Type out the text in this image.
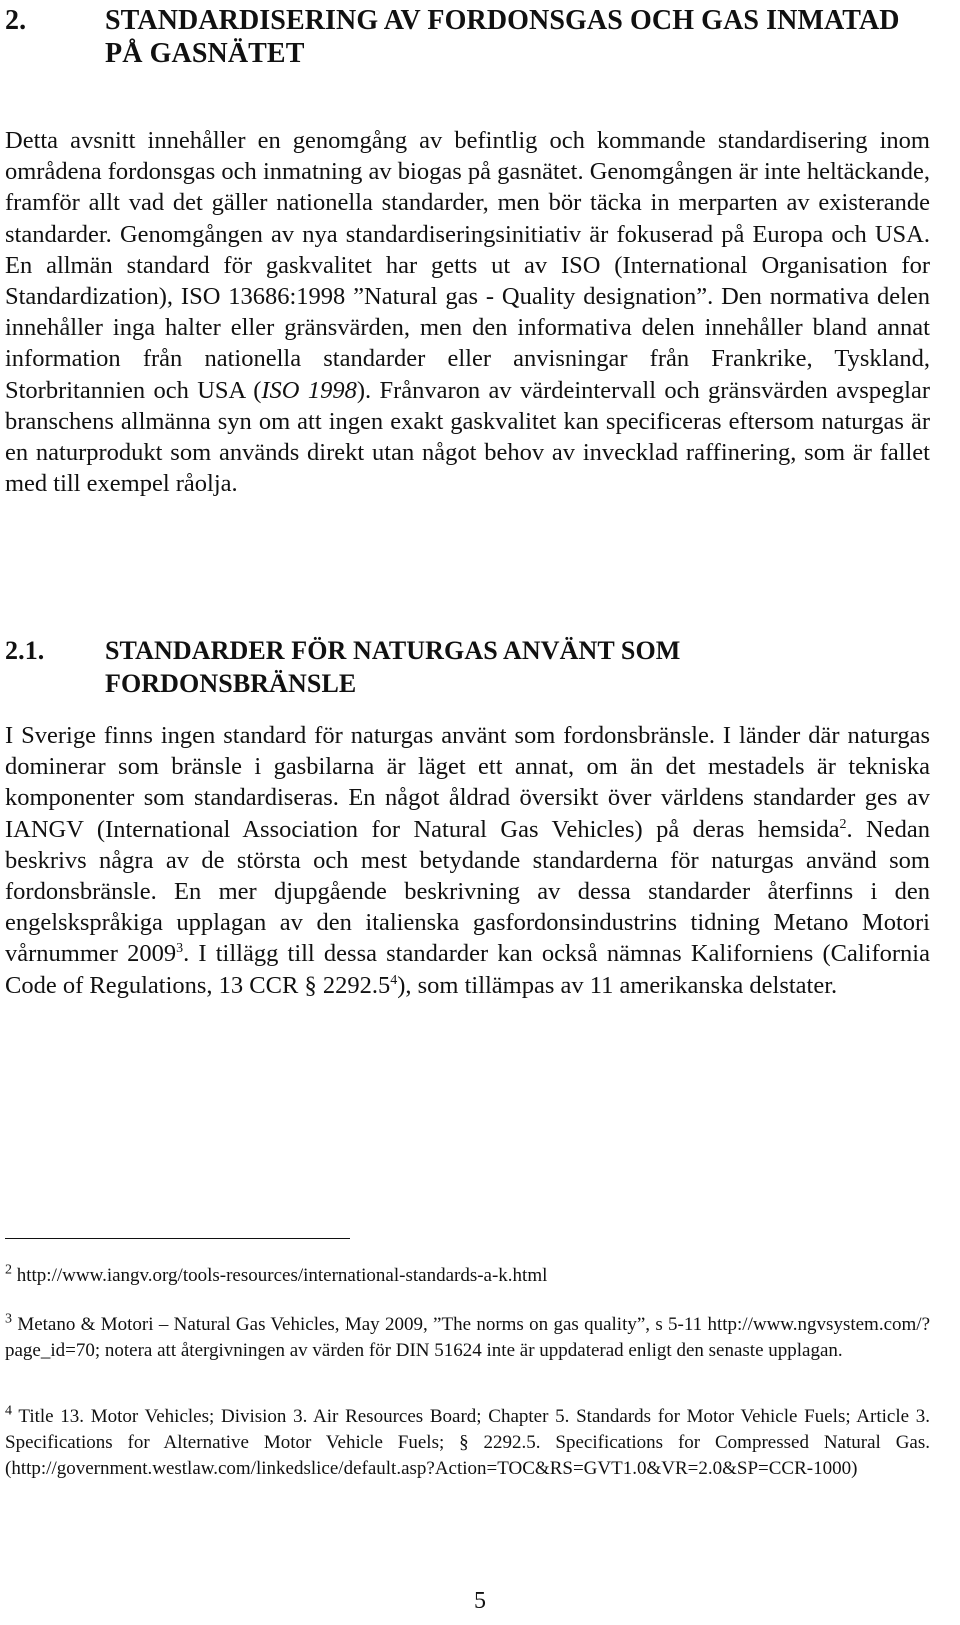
2.	STANDARDISERING AV FORDONSGAS OCH GAS INMATAD PÅ GASNÄTET

Detta avsnitt innehåller en genomgång av befintlig och kommande standardisering inom områdena fordonsgas och inmatning av biogas på gasnätet. Genomgången är inte heltäckande, framför allt vad det gäller nationella standarder, men bör täcka in merparten av existerande standarder. Genomgången av nya standardiseringsinitiativ är fokuserad på Europa och USA. En allmän standard för gaskvalitet har getts ut av ISO (International Organisation for Standardization), ISO 13686:1998 ”Natural gas - Quality designation”. Den normativa delen innehåller inga halter eller gränsvärden, men den informativa delen innehåller bland annat information från nationella standarder eller anvisningar från Frankrike, Tyskland, Storbritannien och USA (ISO 1998). Frånvaron av värdeintervall och gränsvärden avspeglar branschens allmänna syn om att ingen exakt gaskvalitet kan specificeras eftersom naturgas är en naturprodukt som används direkt utan något behov av invecklad raffinering, som är fallet med till exempel råolja.

2.1. STANDARDER FÖR NATURGAS ANVÄNT SOM FORDONSBRÄNSLE

I Sverige finns ingen standard för naturgas använt som fordonsbränsle. I länder där naturgas dominerar som bränsle i gasbilarna är läget ett annat, om än det mestadels är tekniska komponenter som standardiseras. En något åldrad översikt över världens standarder ges av IANGV (International Association for Natural Gas Vehicles) på deras hemsida$^2$. Nedan beskrivs några av de största och mest betydande standarderna för naturgas använd som fordonsbränsle. En mer djupgående beskrivning av dessa standarder återfinns i den engelskspråkiga upplagan av den italienska gasfordonsindustrins tidning Metano Motori vårnummer 2009$^3$. I tillägg till dessa standarder kan också nämnas Kaliforniens (California Code of Regulations, 13 CCR § 2292.5$^4$), som tillämpas av 11 amerikanska delstater.

$^2$ http://www.iangv.org/tools-resources/international-standards-a-k.html

$^3$ Metano & Motori – Natural Gas Vehicles, May 2009, ”The norms on gas quality”, s 5-11 http://www.ngvsystem.com/?page_id=70; notera att återgivningen av värden för DIN 51624 inte är uppdaterad enligt den senaste upplagan.

$^4$ Title 13. Motor Vehicles; Division 3. Air Resources Board; Chapter 5. Standards for Motor Vehicle Fuels; Article 3. Specifications for Alternative Motor Vehicle Fuels; § 2292.5. Specifications for Compressed Natural Gas. (http://government.westlaw.com/linkedslice/default.asp?Action=TOC&RS=GVT1.0&VR=2.0&SP=CCR-1000)

5
